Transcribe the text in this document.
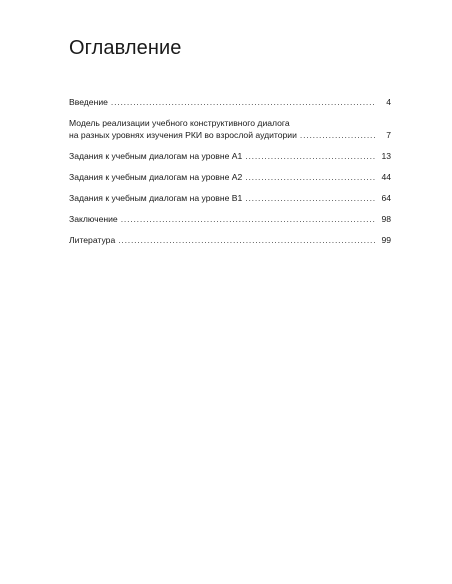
Оглавление
Введение .....	4
Модель реализации учебного конструктивного диалога
на разных уровнях изучения РКИ во взрослой аудитории .....	7
Задания к учебным диалогам на уровне А1 .....	13
Задания к учебным диалогам на уровне А2 .....	44
Задания к учебным диалогам на уровне В1 .....	64
Заключение .....	98
Литература .....	99
